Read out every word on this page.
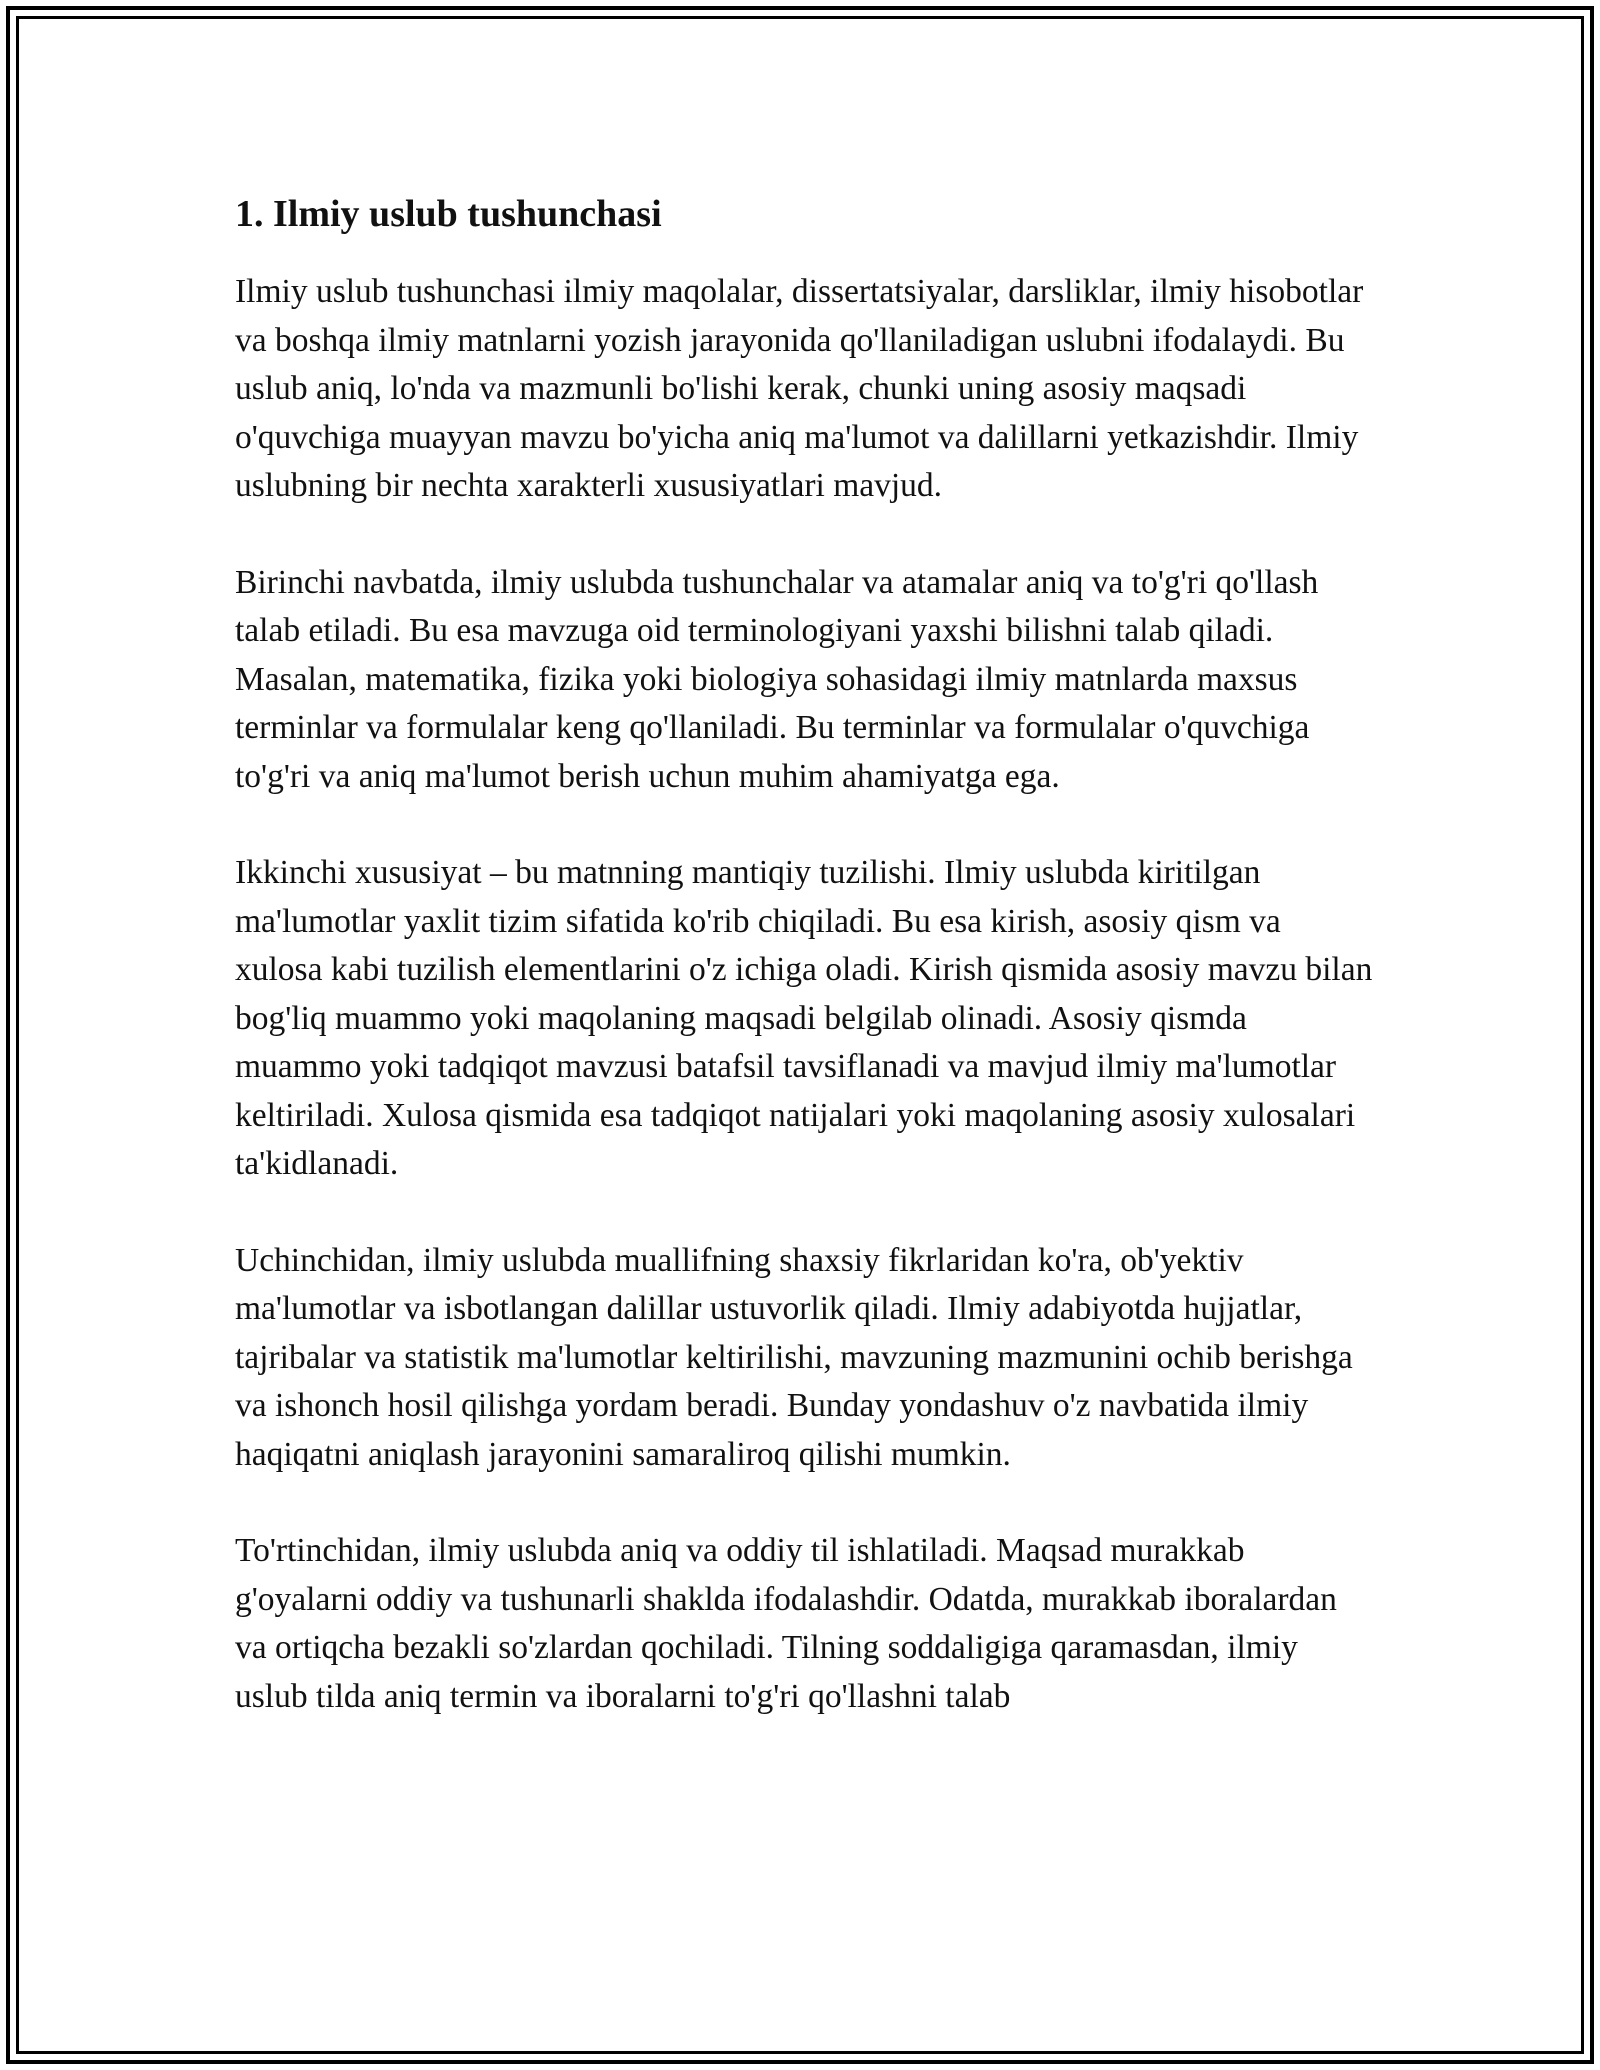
1. Ilmiy uslub tushunchasi

Ilmiy uslub tushunchasi ilmiy maqolalar, dissertatsiyalar, darsliklar, ilmiy hisobotlar va boshqa ilmiy matnlarni yozish jarayonida qo'llaniladigan uslubni ifodalaydi. Bu uslub aniq, lo'nda va mazmunli bo'lishi kerak, chunki uning asosiy maqsadi o'quvchiga muayyan mavzu bo'yicha aniq ma'lumot va dalillarni yetkazishdir. Ilmiy uslubning bir nechta xarakterli xususiyatlari mavjud.

Birinchi navbatda, ilmiy uslubda tushunchalar va atamalar aniq va to'g'ri qo'llash talab etiladi. Bu esa mavzuga oid terminologiyani yaxshi bilishni talab qiladi. Masalan, matematika, fizika yoki biologiya sohasidagi ilmiy matnlarda maxsus terminlar va formulalar keng qo'llaniladi. Bu terminlar va formulalar o'quvchiga to'g'ri va aniq ma'lumot berish uchun muhim ahamiyatga ega.

Ikkinchi xususiyat – bu matnning mantiqiy tuzilishi. Ilmiy uslubda kiritilgan ma'lumotlar yaxlit tizim sifatida ko'rib chiqiladi. Bu esa kirish, asosiy qism va xulosa kabi tuzilish elementlarini o'z ichiga oladi. Kirish qismida asosiy mavzu bilan bog'liq muammo yoki maqolaning maqsadi belgilab olinadi. Asosiy qismda muammo yoki tadqiqot mavzusi batafsil tavsiflanadi va mavjud ilmiy ma'lumotlar keltiriladi. Xulosa qismida esa tadqiqot natijalari yoki maqolaning asosiy xulosalari ta'kidlanadi.

Uchinchidan, ilmiy uslubda muallifning shaxsiy fikrlaridan ko'ra, ob'yektiv ma'lumotlar va isbotlangan dalillar ustuvorlik qiladi. Ilmiy adabiyotda hujjatlar, tajribalar va statistik ma'lumotlar keltirilishi, mavzuning mazmunini ochib berishga va ishonch hosil qilishga yordam beradi. Bunday yondashuv o'z navbatida ilmiy haqiqatni aniqlash jarayonini samaraliroq qilishi mumkin.

To'rtinchidan, ilmiy uslubda aniq va oddiy til ishlatiladi. Maqsad murakkab g'oyalarni oddiy va tushunarli shaklda ifodalashdir. Odatda, murakkab iboralardan va ortiqcha bezakli so'zlardan qochiladi. Tilning soddaligiga qaramasdan, ilmiy uslub tilda aniq termin va iboralarni to'g'ri qo'llashni talab
